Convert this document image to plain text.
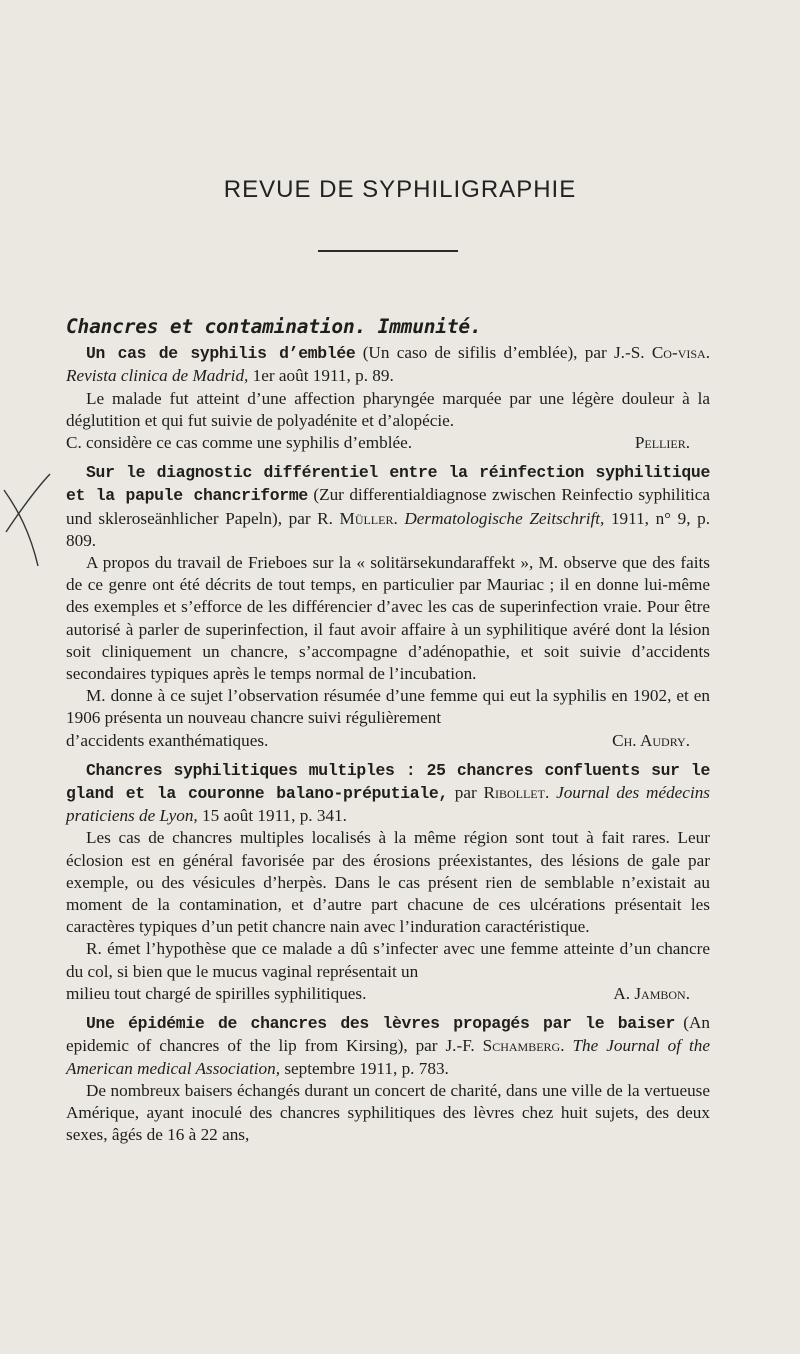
REVUE DE SYPHILIGRAPHIE
Chancres et contamination. Immunité.

Un cas de syphilis d’emblée (Un caso de sifilis d’emblée), par J.-S. Co-visa. Revista clinica de Madrid, 1er août 1911, p. 89.

Le malade fut atteint d’une affection pharyngée marquée par une légère douleur à la déglutition et qui fut suivie de polyadénite et d’alopécie.

C. considère ce cas comme une syphilis d’emblée.	Pellier.

Sur le diagnostic différentiel entre la réinfection syphilitique et la papule chancriforme (Zur differentialdiagnose zwischen Reinfectio syphilitica und skleroseänhlicher Papeln), par R. Müller. Dermatologische Zeitschrift, 1911, n° 9, p. 809.

A propos du travail de Frieboes sur la « solitärsekundaraffekt », M. observe que des faits de ce genre ont été décrits de tout temps, en particulier par Mauriac ; il en donne lui-même des exemples et s’efforce de les différencier d’avec les cas de superinfection vraie. Pour être autorisé à parler de superinfection, il faut avoir affaire à un syphilitique avéré dont la lésion soit cliniquement un chancre, s’accompagne d’adénopathie, et soit suivie d’accidents secondaires typiques après le temps normal de l’incubation.

M. donne à ce sujet l’observation résumée d’une femme qui eut la syphilis en 1902, et en 1906 présenta un nouveau chancre suivi régulièrement

d’accidents exanthématiques.	Ch. Audry.

Chancres syphilitiques multiples : 25 chancres confluents sur le gland et la couronne balano-préputiale, par Ribollet. Journal des médecins praticiens de Lyon, 15 août 1911, p. 341.

Les cas de chancres multiples localisés à la même région sont tout à fait rares. Leur éclosion est en général favorisée par des érosions préexistantes, des lésions de gale par exemple, ou des vésicules d’herpès. Dans le cas présent rien de semblable n’existait au moment de la contamination, et d’autre part chacune de ces ulcérations présentait les caractères typiques d’un petit chancre nain avec l’induration caractéristique.

R. émet l’hypothèse que ce malade a dû s’infecter avec une femme atteinte d’un chancre du col, si bien que le mucus vaginal représentait un

milieu tout chargé de spirilles syphilitiques.	A. Jambon.

Une épidémie de chancres des lèvres propagés par le baiser (An epidemic of chancres of the lip from Kirsing), par J.-F. Schamberg. The Journal of the American medical Association, septembre 1911, p. 783.

De nombreux baisers échangés durant un concert de charité, dans une ville de la vertueuse Amérique, ayant inoculé des chancres syphilitiques des lèvres chez huit sujets, des deux sexes, âgés de 16 à 22 ans,
